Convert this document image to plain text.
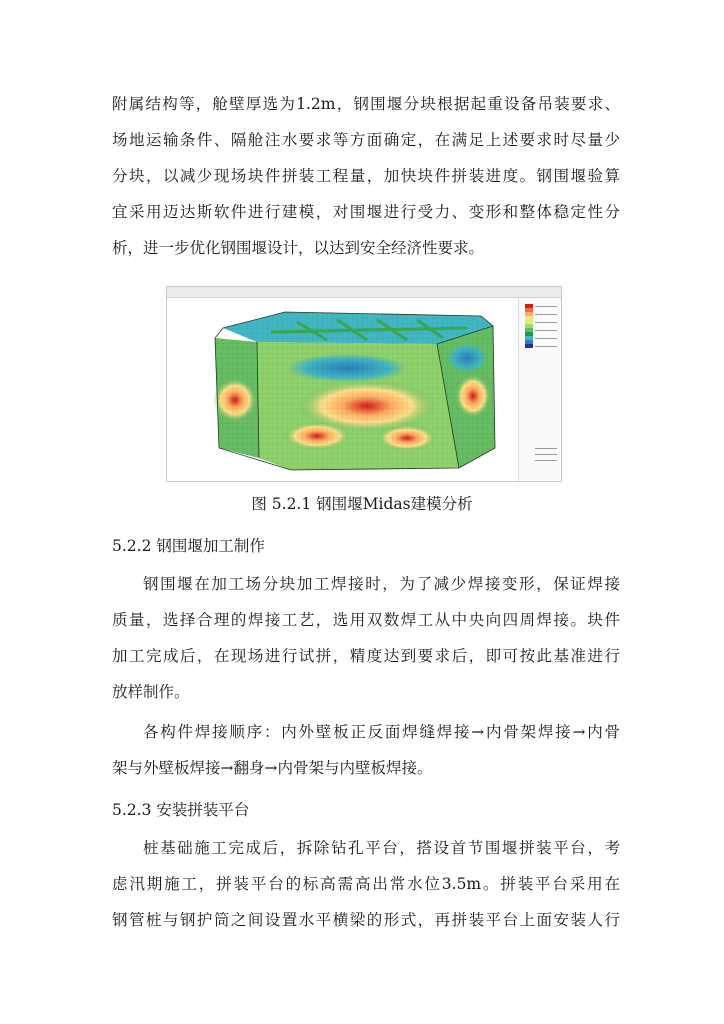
附属结构等，舱壁厚选为1.2m，钢围堰分块根据起重设备吊装要求、
场地运输条件、隔舱注水要求等方面确定，在满足上述要求时尽量少
分块，以减少现场块件拼装工程量，加快块件拼装进度。钢围堰验算
宜采用迈达斯软件进行建模，对围堰进行受力、变形和整体稳定性分
析，进一步优化钢围堰设计，以达到安全经济性要求。
图 5.2.1 钢围堰Midas建模分析
5.2.2 钢围堰加工制作
钢围堰在加工场分块加工焊接时，为了减少焊接变形，保证焊接
质量，选择合理的焊接工艺，选用双数焊工从中央向四周焊接。块件
加工完成后，在现场进行试拼，精度达到要求后，即可按此基准进行
放样制作。
各构件焊接顺序：内外壁板正反面焊缝焊接→内骨架焊接→内骨
架与外壁板焊接→翻身→内骨架与内壁板焊接。
5.2.3 安装拼装平台
桩基础施工完成后，拆除钻孔平台，搭设首节围堰拼装平台，考
虑汛期施工，拼装平台的标高需高出常水位3.5m。拼装平台采用在
钢管桩与钢护筒之间设置水平横梁的形式，再拼装平台上面安装人行
